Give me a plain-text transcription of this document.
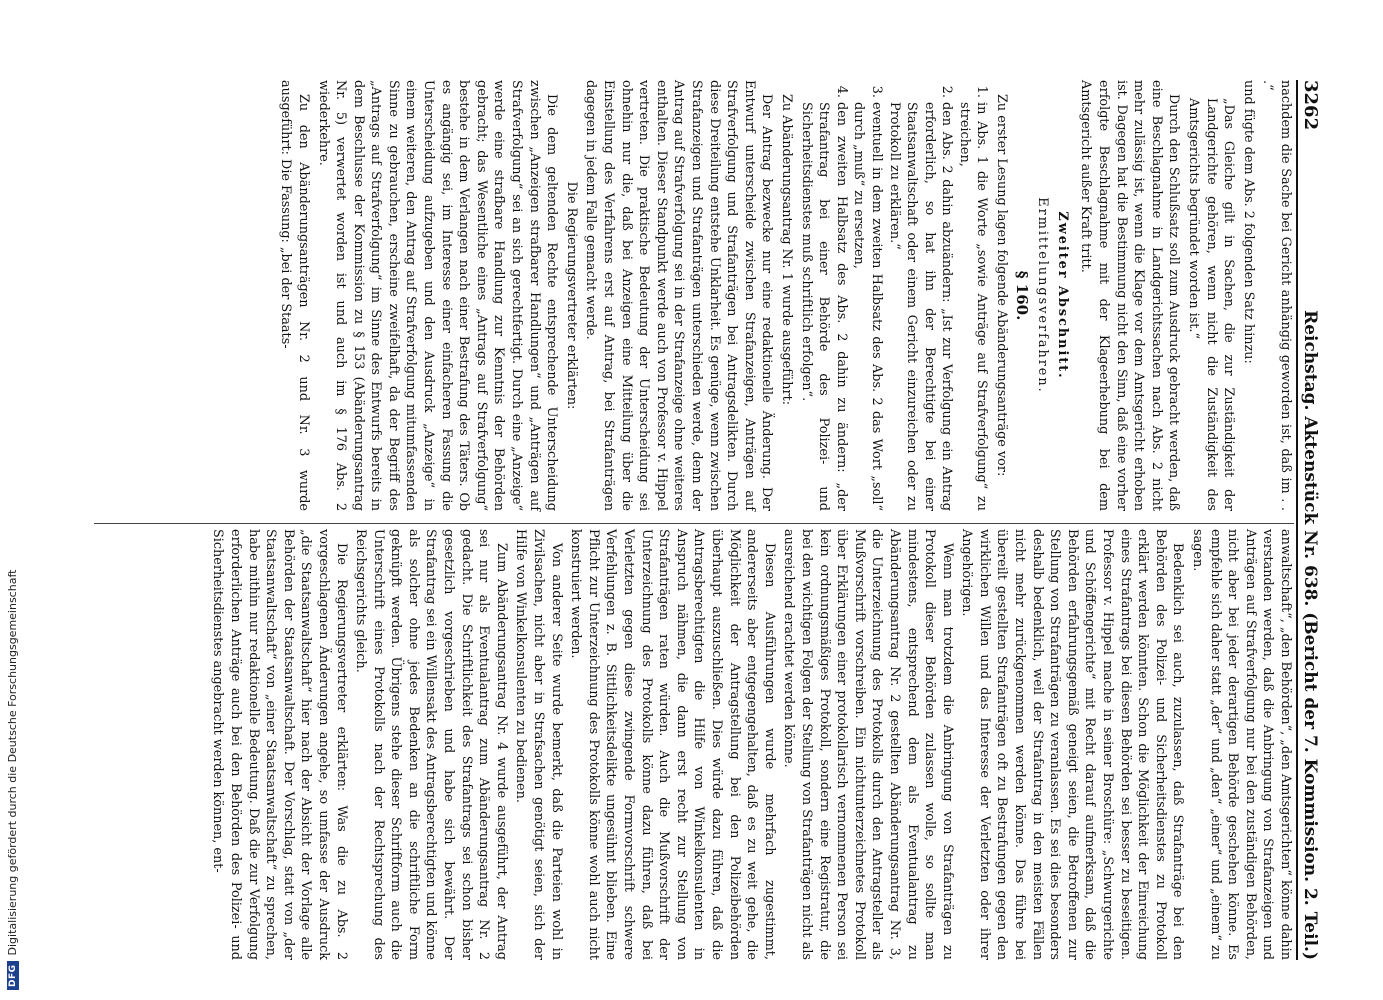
3262
Reichstag. Aktenstück Nr. 638. (Bericht der 7. Kommission. 2. Teil.)

nachdem die Sache bei Gericht anhängig geworden ist, daß im . . .“

und fügte dem Abs. 2 folgenden Satz hinzu:

„Das Gleiche gilt in Sachen, die zur Zuständigkeit der Landgerichte gehören, wenn nicht die Zuständigkeit des Amtsgerichts begründet worden ist.“

Durch den Schlußsatz soll zum Ausdruck gebracht werden, daß eine Beschlagnahme in Landgerichtssachen nach Abs. 2 nicht mehr zulässig ist, wenn die Klage vor dem Amtsgericht erhoben ist. Dagegen hat die Bestimmung nicht den Sinn, daß eine vorher erfolgte Beschlagnahme mit der Klageerhebung bei dem Amtsgericht außer Kraft tritt.

Zweiter Abschnitt.

Ermittelungsverfahren.

§ 160.

Zu erster Lesung lagen folgende Abänderungsanträge vor:

1. in Abs. 1 die Worte „sowie Anträge auf Strafverfolgung“ zu streichen,
2. den Abs. 2 dahin abzuändern: „Ist zur Verfolgung ein Antrag erforderlich, so hat ihn der Berechtigte bei einer Staatsanwaltschaft oder einem Gericht einzureichen oder zu Protokoll zu erklären.“
3. eventuell in dem zweiten Halbsatz des Abs. 2 das Wort „soll“ durch „muß“ zu ersetzen,
4. den zweiten Halbsatz des Abs. 2 dahin zu ändern: „der Strafantrag bei einer Behörde des Polizei- und Sicherheitsdienstes muß schriftlich erfolgen“.

Zu Abänderungsantrag Nr. 1 wurde ausgeführt:

Der Antrag bezwecke nur eine redaktionelle Änderung. Der Entwurf unterscheide zwischen Strafanzeigen, Anträgen auf Strafverfolgung und Strafanträgen bei Antragsdelikten. Durch diese Dreiteilung entstehe Unklarheit. Es genüge, wenn zwischen Strafanzeigen und Strafanträgen unterschieden werde, denn der Antrag auf Strafverfolgung sei in der Strafanzeige ohne weiteres enthalten. Dieser Standpunkt werde auch von Professor v. Hippel vertreten. Die praktische Bedeutung der Unterscheidung sei ohnehin nur die, daß bei Anzeigen eine Mitteilung über die Einstellung des Verfahrens erst auf Antrag, bei Strafanträgen dagegen in jedem Falle gemacht werde.

Die Regierungsvertreter erklärten:

Die dem geltenden Rechte entsprechende Unterscheidung zwischen „Anzeigen strafbarer Handlungen“ und „Anträgen auf Strafverfolgung“ sei an sich gerechtfertigt. Durch eine „Anzeige“ werde eine strafbare Handlung zur Kenntnis der Behörden gebracht; das Wesentliche eines „Antrags auf Strafverfolgung“ bestehe in dem Verlangen nach einer Bestrafung des Täters. Ob es angängig sei, im Interesse einer einfacheren Fassung die Unterscheidung aufzugeben und den Ausdruck „Anzeige“ in einem weiteren, den Antrag auf Strafverfolgung mitumfassenden Sinne zu gebrauchen, erscheine zweifelhaft, da der Begriff des „Antrags auf Strafverfolgung“ im Sinne des Entwurfs bereits in dem Beschlusse der Kommission zu § 153 (Abänderungsantrag Nr. 5) verwertet worden ist und auch im § 176 Abs. 2 wiederkehre.

Zu den Abänderungsanträgen Nr. 2 und Nr. 3 wurde ausgeführt: Die Fassung: „bei der Staats-

anwaltschaft“, „den Behörden“, „den Amtsgerichten“ könne dahin verstanden werden, daß die Anbringung von Strafanzeigen und Anträgen auf Strafverfolgung nur bei den zuständigen Behörden, nicht aber bei jeder derartigen Behörde geschehen könne. Es empfehle sich daher statt „der“ und „den“ „einer“ und „einem“ zu sagen.

Bedenklich sei auch, zuzulassen, daß Strafanträge bei den Behörden des Polizei- und Sicherheitsdienstes zu Protokoll erklärt werden könnten. Schon die Möglichkeit der Einreichung eines Strafantrags bei diesen Behörden sei besser zu beseitigen. Professor v. Hippel mache in seiner Broschüre: „Schwurgerichte und Schöffengerichte“ mit Recht darauf aufmerksam, daß die Behörden erfahrungsgemäß geneigt seien, die Betroffenen zur Stellung von Strafanträgen zu veranlassen. Es sei dies besonders deshalb bedenklich, weil der Strafantrag in den meisten Fällen nicht mehr zurückgenommen werden könne. Das führe bei übereilt gestellten Strafanträgen oft zu Bestrafungen gegen den wirklichen Willen und das Interesse der Verletzten oder ihrer Angehörigen.

Wenn man trotzdem die Anbringung von Strafanträgen zu Protokoll dieser Behörden zulassen wolle, so sollte man mindestens, entsprechend dem als Eventualantrag zu Abänderungsantrag Nr. 2 gestellten Abänderungsantrag Nr. 3, die Unterzeichnung des Protokolls durch den Antragsteller als Mußvorschrift vorschreiben. Ein nichtunterzeichnetes Protokoll über Erklärungen einer protokollarisch vernommenen Person sei kein ordnungsmäßiges Protokoll, sondern eine Registratur, die bei den wichtigen Folgen der Stellung von Strafanträgen nicht als ausreichend erachtet werden könne.

Diesen Ausführungen wurde mehrfach zugestimmt, andererseits aber entgegengehalten, daß es zu weit gehe, die Möglichkeit der Antragstellung bei den Polizeibehörden überhaupt auszuschließen. Dies würde dazu führen, daß die Antragsberechtigten die Hilfe von Winkelkonsulenten in Anspruch nähmen, die dann erst recht zur Stellung von Strafanträgen raten würden. Auch die Mußvorschrift der Unterzeichnung des Protokolls könne dazu führen, daß bei Verletzten gegen diese zwingende Formvorschrift schwere Verfehlungen z. B. Sittlichkeitsdelikte ungesühnt blieben. Eine Pflicht zur Unterzeichnung des Protokolls könne wohl auch nicht konstruiert werden.

Von anderer Seite wurde bemerkt, daß die Parteien wohl in Zivilsachen, nicht aber in Strafsachen genötigt seien, sich der Hilfe von Winkelkonsulenten zu bedienen.

Zum Abänderungsantrag Nr. 4 wurde ausgeführt, der Antrag sei nur als Eventualantrag zum Abänderungsantrag Nr. 2 gedacht. Die Schriftlichkeit des Strafantrags sei schon bisher gesetzlich vorgeschrieben und habe sich bewährt. Der Strafantrag sei ein Willensakt des Antragsberechtigten und könne als solcher ohne jedes Bedenken an die schriftliche Form geknüpft werden. Übrigens stehe dieser Schriftform auch die Unterschrift eines Protokolls nach der Rechtsprechung des Reichsgerichts gleich.

Die Regierungsvertreter erklärten: Was die zu Abs. 2 vorgeschlagenen Änderungen angehe, so umfasse der Ausdruck „die Staatsanwaltschaft“ hier nach der Absicht der Vorlage alle Behörden der Staatsanwaltschaft. Der Vorschlag, statt von „der Staatsanwaltschaft“ von „einer Staatsanwaltschaft“ zu sprechen, habe mithin nur redaktionelle Bedeutung. Daß die zur Verfolgung erforderlichen Anträge auch bei den Behörden des Polizei- und Sicherheitsdienstes angebracht werden können, ent-

DFG
Digitalisierung gefördert durch die Deutsche Forschungsgemeinschaft
